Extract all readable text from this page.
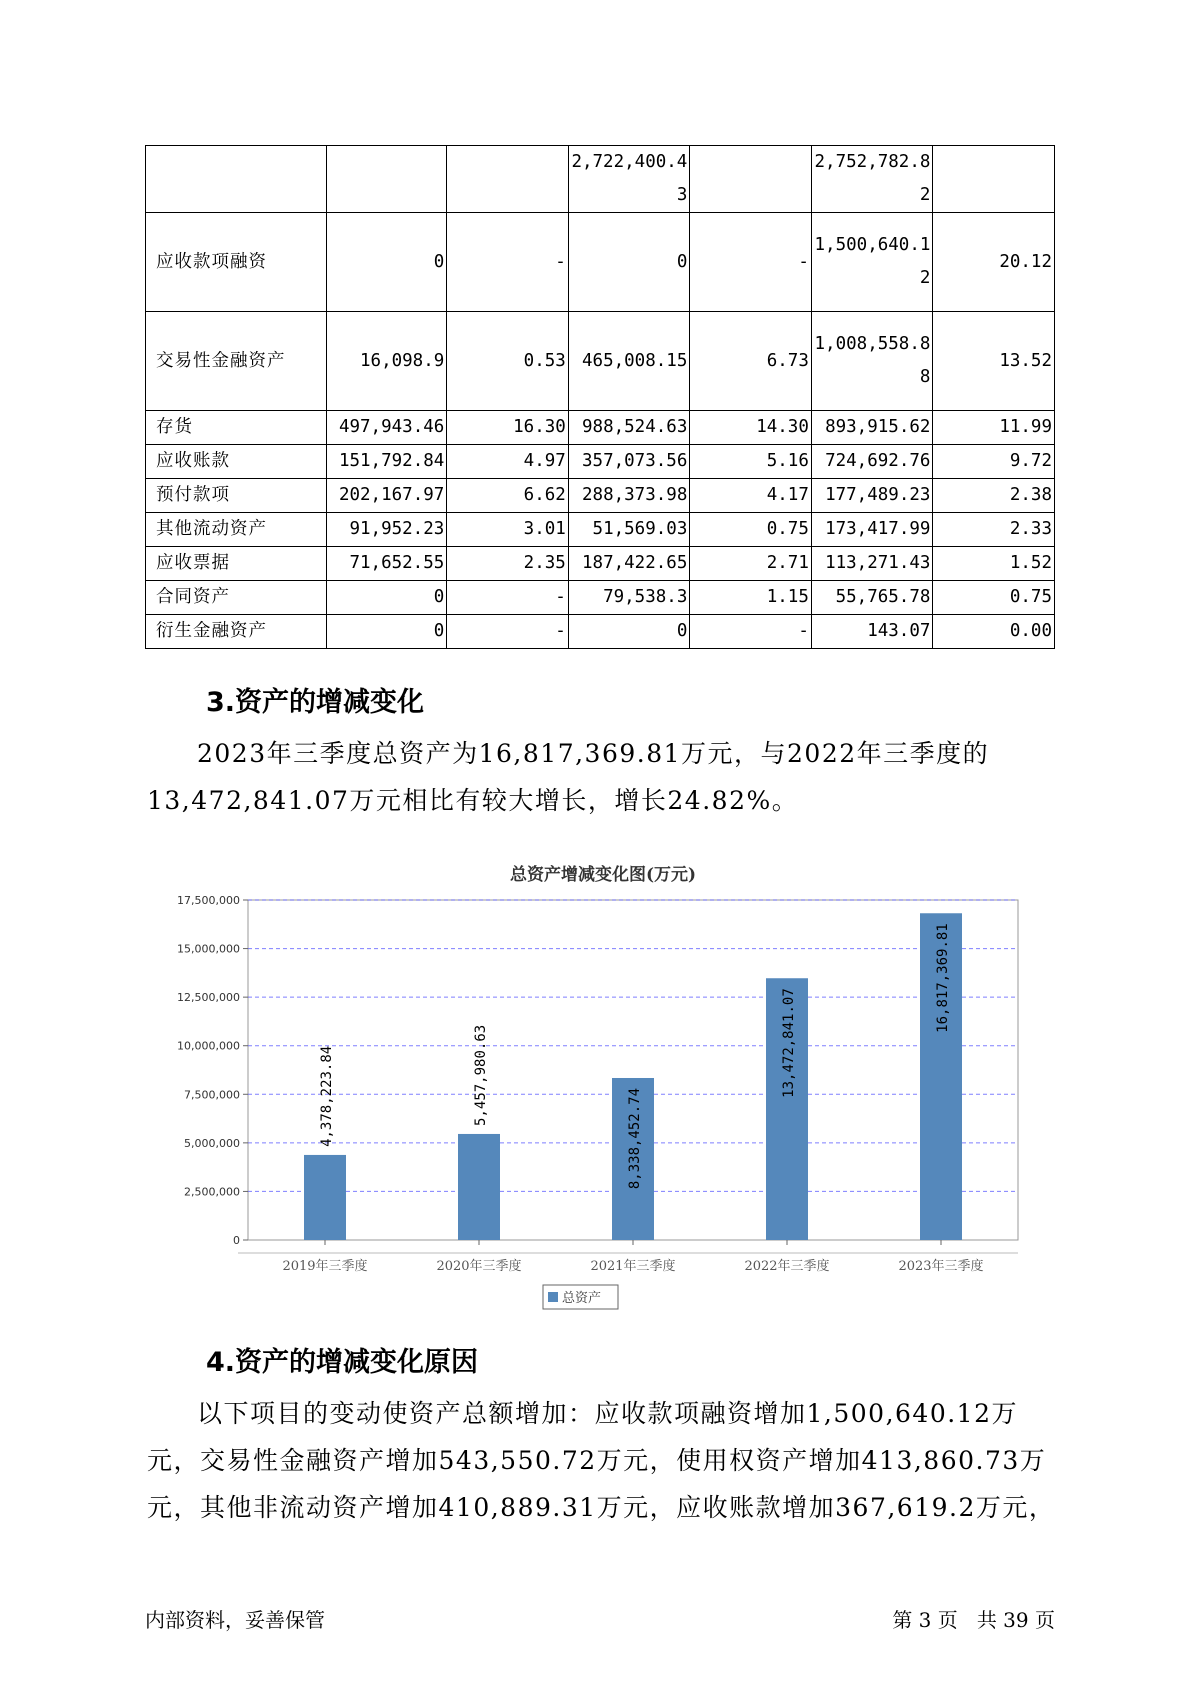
			2,722,400.43		2,752,782.82	
应收款项融资	0	-	0	-	1,500,640.12	20.12
交易性金融资产	16,098.9	0.53	465,008.15	6.73	1,008,558.88	13.52
存货	497,943.46	16.30	988,524.63	14.30	893,915.62	11.99
应收账款	151,792.84	4.97	357,073.56	5.16	724,692.76	9.72
预付款项	202,167.97	6.62	288,373.98	4.17	177,489.23	2.38
其他流动资产	91,952.23	3.01	51,569.03	0.75	173,417.99	2.33
应收票据	71,652.55	2.35	187,422.65	2.71	113,271.43	1.52
合同资产	0	-	79,538.3	1.15	55,765.78	0.75
衍生金融资产	0	-	0	-	143.07	0.00
3.资产的增减变化

2023年三季度总资产为16,817,369.81万元，与2022年三季度的13,472,841.07万元相比有较大增长，增长24.82%。

总资产增减变化图(万元)
0
2,500,000
5,000,000
7,500,000
10,000,000
12,500,000
15,000,000
17,500,000
4,378,223.84
2019年三季度
5,457,980.63
2020年三季度
8,338,452.74
2021年三季度
13,472,841.07
2022年三季度
16,817,369.81
2023年三季度
总资产
4.资产的增减变化原因

以下项目的变动使资产总额增加：应收款项融资增加1,500,640.12万元，交易性金融资产增加543,550.72万元，使用权资产增加413,860.73万元，其他非流动资产增加410,889.31万元，应收账款增加367,619.2万元，

内部资料，妥善保管	第 3 页   共 39 页
